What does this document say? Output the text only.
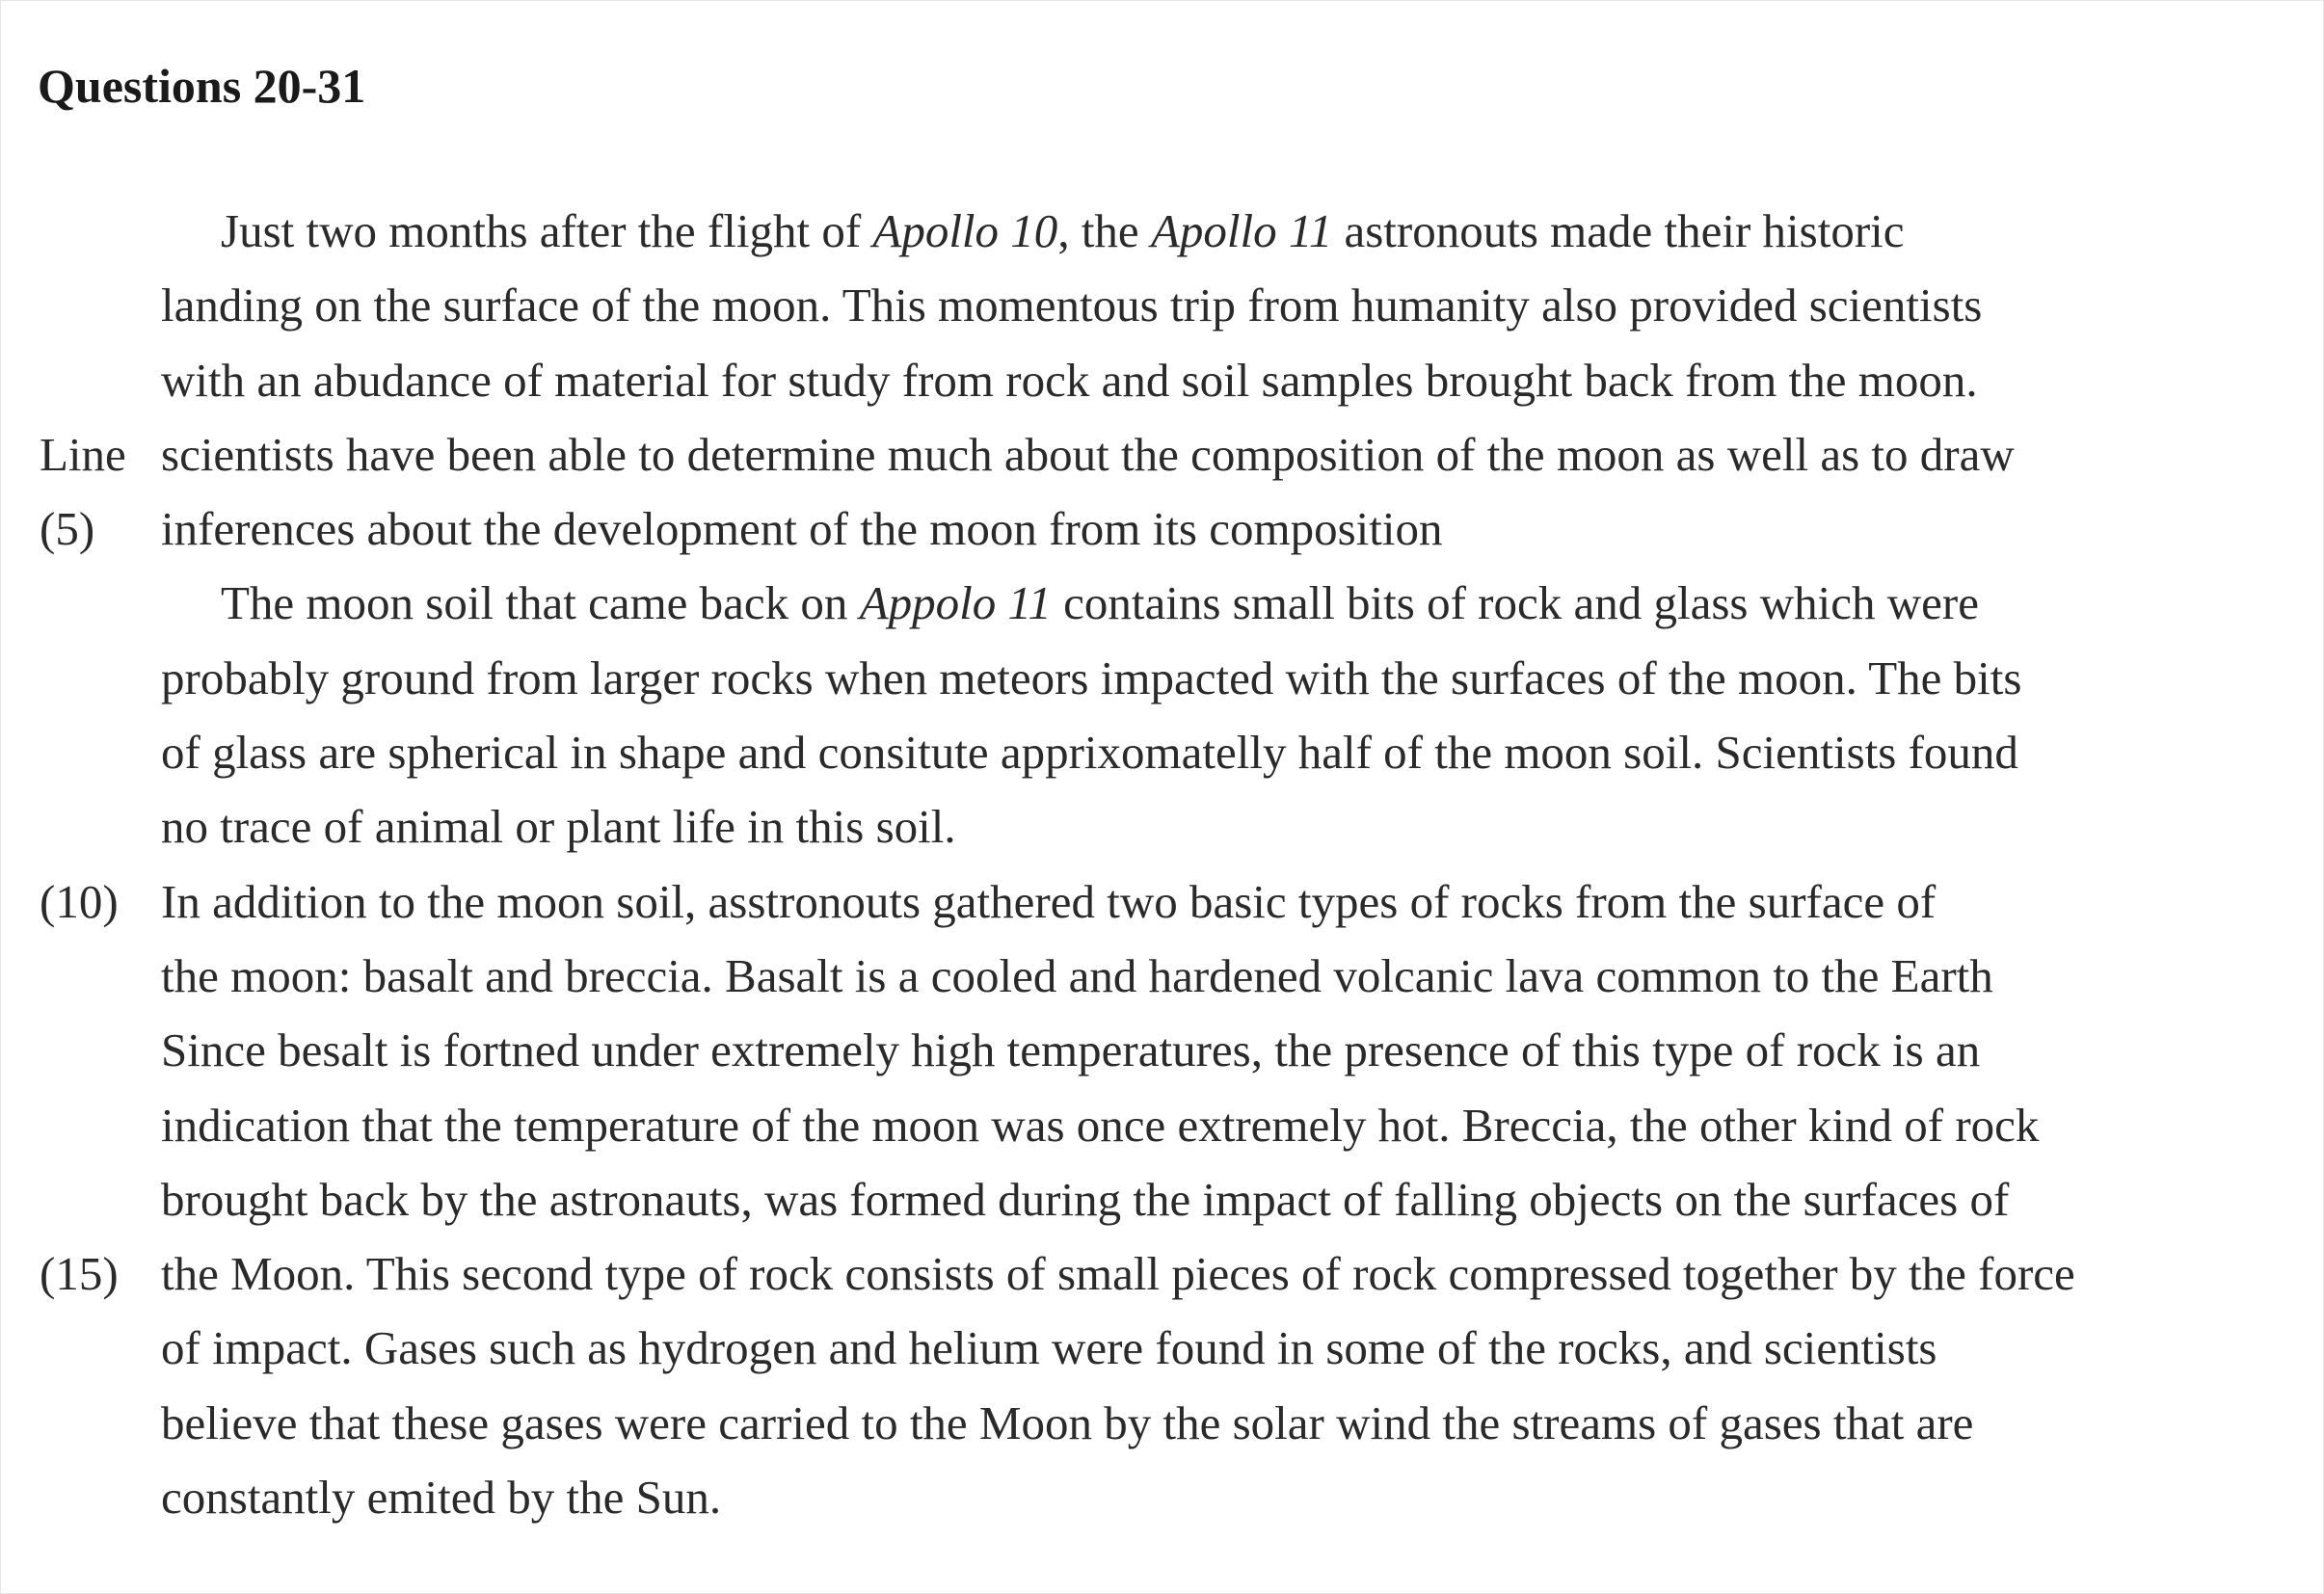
Questions 20-31
Just two months after the flight of Apollo 10, the Apollo 11 astronouts made their historic
landing on the surface of the moon. This momentous trip from humanity also provided scientists
with an abudance of material for study from rock and soil samples brought back from the moon.
Line scientists have been able to determine much about the composition of the moon as well as to draw
(5) inferences about the development of the moon from its composition
The moon soil that came back on Appolo 11 contains small bits of rock and glass which were
probably ground from larger rocks when meteors impacted with the surfaces of the moon. The bits
of glass are spherical in shape and consitute apprixomatelly half of the moon soil. Scientists found
no trace of animal or plant life in this soil.
(10) In addition to the moon soil, asstronouts gathered two basic types of rocks from the surface of
the moon: basalt and breccia. Basalt is a cooled and hardened volcanic lava common to the Earth
Since besalt is fortned under extremely high temperatures, the presence of this type of rock is an
indication that the temperature of the moon was once extremely hot. Breccia, the other kind of rock
brought back by the astronauts, was formed during the impact of falling objects on the surfaces of
(15) the Moon. This second type of rock consists of small pieces of rock compressed together by the force
of impact. Gases such as hydrogen and helium were found in some of the rocks, and scientists
believe that these gases were carried to the Moon by the solar wind the streams of gases that are
constantly emited by the Sun.
